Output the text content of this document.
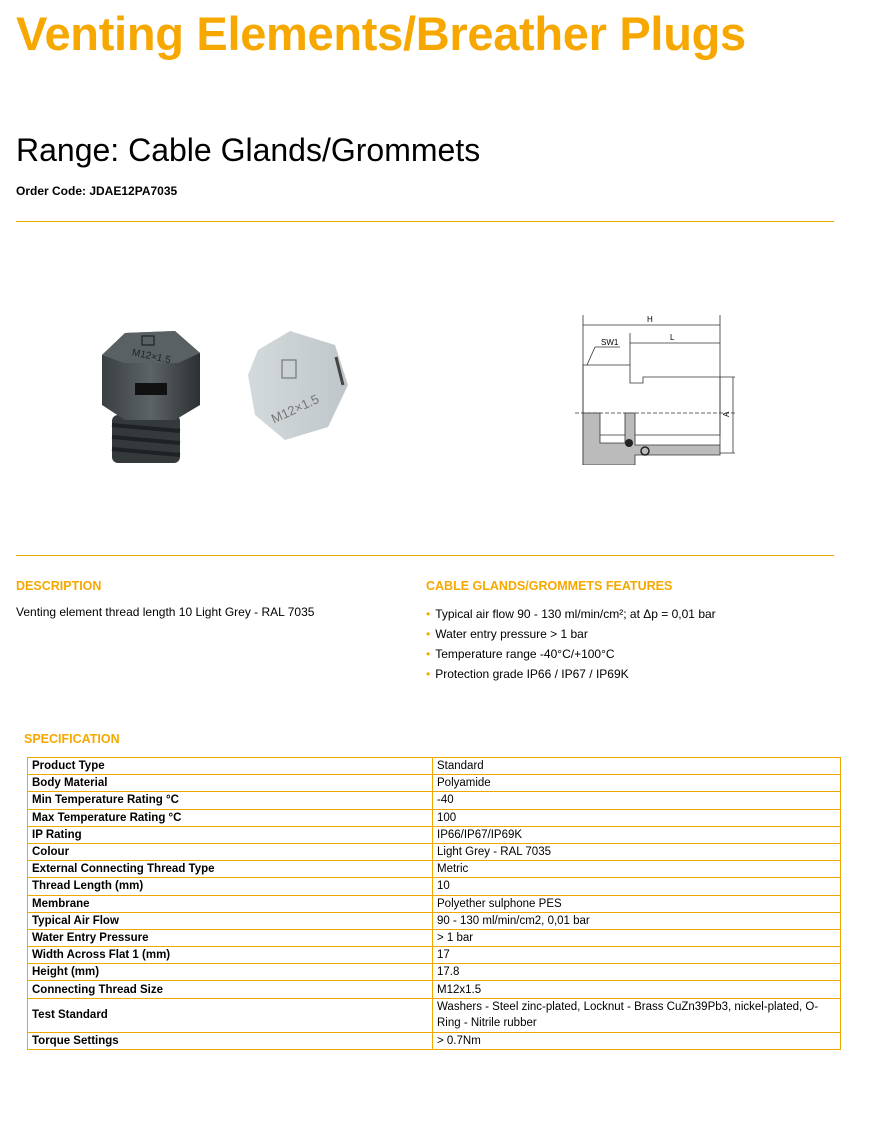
Venting Elements/Breather Plugs
Range: Cable Glands/Grommets
Order Code: JDAE12PA7035
M12×1.5
M12×1.5
H
L
SW1
A
DESCRIPTION
Venting element thread length 10 Light Grey - RAL 7035
CABLE GLANDS/GROMMETS FEATURES
• Typical air flow 90 - 130 ml/min/cm²; at Δp = 0,01 bar
• Water entry pressure > 1 bar
• Temperature range -40°C/+100°C
• Protection grade IP66 / IP67 / IP69K
SPECIFICATION
Product Type	Standard
Body Material	Polyamide
Min Temperature Rating °C	-40
Max Temperature Rating °C	100
IP Rating	IP66/IP67/IP69K
Colour	Light Grey - RAL 7035
External Connecting Thread Type	Metric
Thread Length (mm)	10
Membrane	Polyether sulphone PES
Typical Air Flow	90 - 130 ml/min/cm2, 0,01 bar
Water Entry Pressure	> 1 bar
Width Across Flat 1 (mm)	17
Height (mm)	17.8
Connecting Thread Size	M12x1.5
Test Standard	Washers - Steel zinc-plated, Locknut - Brass CuZn39Pb3, nickel-plated, O-Ring - Nitrile rubber
Torque Settings	> 0.7Nm
